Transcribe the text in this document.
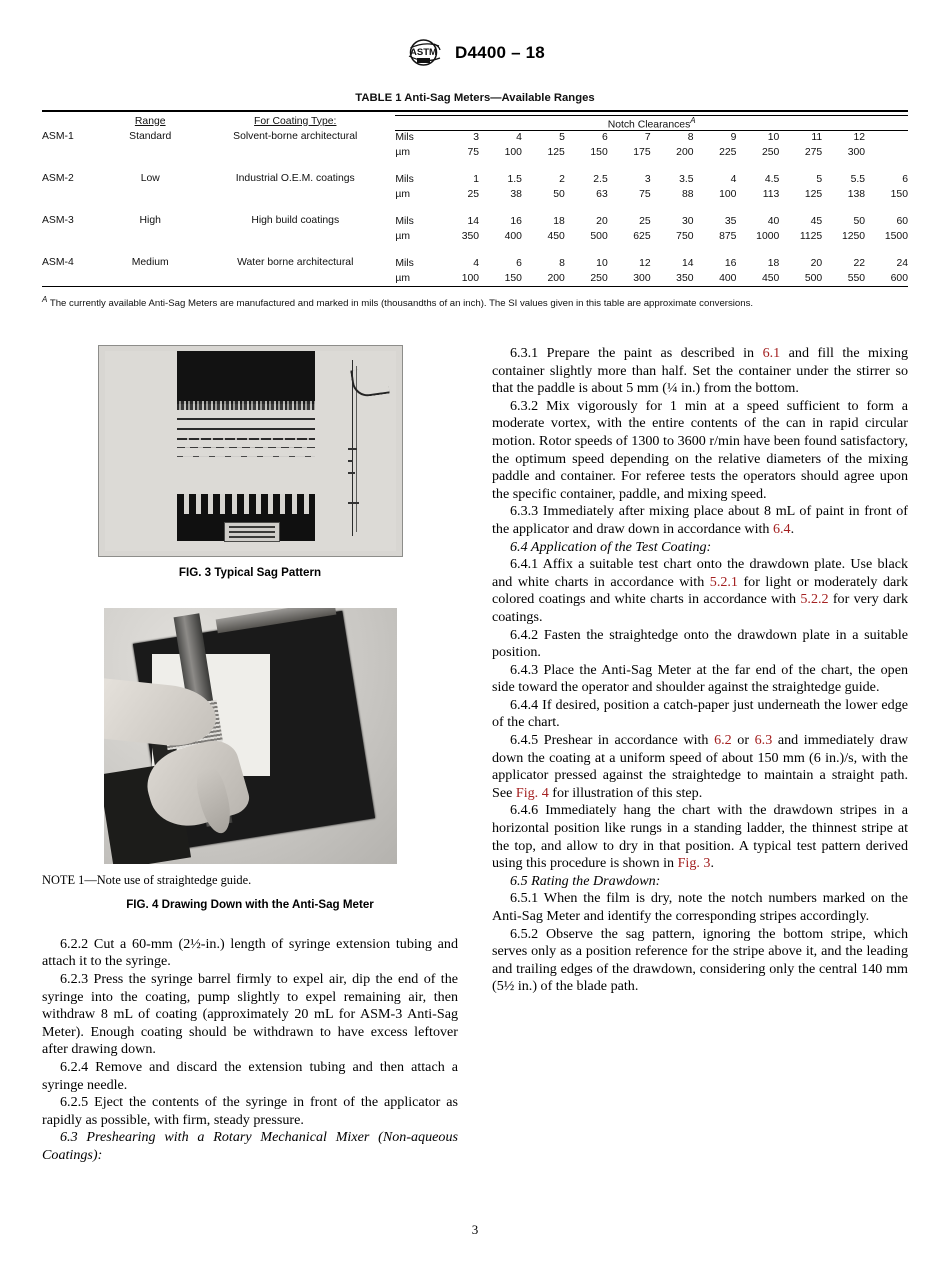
ASTM D4400 – 18
TABLE 1 Anti-Sag Meters—Available Ranges

	Range	For Coating Type:	Notch Clearances$^A$
ASM-1	Standard	Solvent-borne architectural	Mils	3	4	5	6	7	8	9	10	11	12	
			µm	75	100	125	150	175	200	225	250	275	300	

ASM-2	Low	Industrial O.E.M. coatings	Mils	1	1.5	2	2.5	3	3.5	4	4.5	5	5.5	6
			µm	25	38	50	63	75	88	100	113	125	138	150

ASM-3	High	High build coatings	Mils	14	16	18	20	25	30	35	40	45	50	60
			µm	350	400	450	500	625	750	875	1000	1125	1250	1500

ASM-4	Medium	Water borne architectural	Mils	4	6	8	10	12	14	16	18	20	22	24
			µm	100	150	200	250	300	350	400	450	500	550	600

$^A$ The currently available Anti-Sag Meters are manufactured and marked in mils (thousandths of an inch). The SI values given in this table are approximate conversions.
FIG. 3 Typical Sag Pattern
NOTE 1—Note use of straightedge guide.
FIG. 4 Drawing Down with the Anti-Sag Meter

6.2.2 Cut a 60-mm (2½-in.) length of syringe extension tubing and attach it to the syringe.

6.2.3 Press the syringe barrel firmly to expel air, dip the end of the syringe into the coating, pump slightly to expel remaining air, then withdraw 8 mL of coating (approximately 20 mL for ASM-3 Anti-Sag Meter). Enough coating should be withdrawn to have excess leftover after drawing down.

6.2.4 Remove and discard the extension tubing and then attach a syringe needle.

6.2.5 Eject the contents of the syringe in front of the applicator as rapidly as possible, with firm, steady pressure.

6.3 Preshearing with a Rotary Mechanical Mixer (Non-aqueous Coatings):

6.3.1 Prepare the paint as described in 6.1 and fill the mixing container slightly more than half. Set the container under the stirrer so that the paddle is about 5 mm (¼ in.) from the bottom.

6.3.2 Mix vigorously for 1 min at a speed sufficient to form a moderate vortex, with the entire contents of the can in rapid circular motion. Rotor speeds of 1300 to 3600 r/min have been found satisfactory, the optimum speed depending on the relative diameters of the mixing paddle and container. For referee tests the operators should agree upon the specific container, paddle, and mixing speed.

6.3.3 Immediately after mixing place about 8 mL of paint in front of the applicator and draw down in accordance with 6.4.

6.4 Application of the Test Coating:

6.4.1 Affix a suitable test chart onto the drawdown plate. Use black and white charts in accordance with 5.2.1 for light or moderately dark colored coatings and white charts in accordance with 5.2.2 for very dark coatings.

6.4.2 Fasten the straightedge onto the drawdown plate in a suitable position.

6.4.3 Place the Anti-Sag Meter at the far end of the chart, the open side toward the operator and shoulder against the straightedge guide.

6.4.4 If desired, position a catch-paper just underneath the lower edge of the chart.

6.4.5 Preshear in accordance with 6.2 or 6.3 and immediately draw down the coating at a uniform speed of about 150 mm (6 in.)/s, with the applicator pressed against the straightedge to maintain a straight path. See Fig. 4 for illustration of this step.

6.4.6 Immediately hang the chart with the drawdown stripes in a horizontal position like rungs in a standing ladder, the thinnest stripe at the top, and allow to dry in that position. A typical test pattern derived using this procedure is shown in Fig. 3.

6.5 Rating the Drawdown:

6.5.1 When the film is dry, note the notch numbers marked on the Anti-Sag Meter and identify the corresponding stripes accordingly.

6.5.2 Observe the sag pattern, ignoring the bottom stripe, which serves only as a position reference for the stripe above it, and the leading and trailing edges of the drawdown, considering only the central 140 mm (5½ in.) of the blade path.

3
